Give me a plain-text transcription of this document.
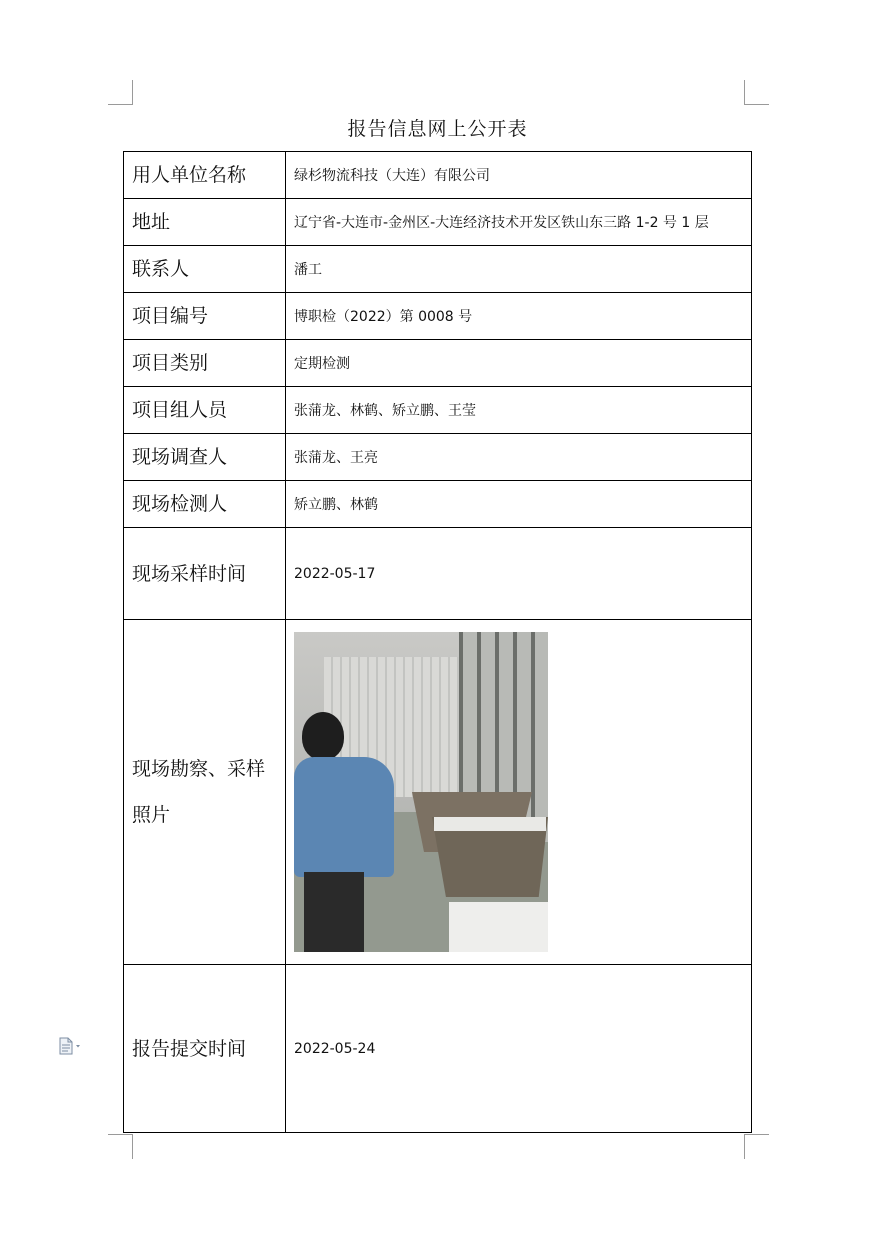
报告信息网上公开表
用人单位名称	绿杉物流科技（大连）有限公司
地址	辽宁省-大连市-金州区-大连经济技术开发区铁山东三路 1-2 号 1 层
联系人	潘工
项目编号	博职检（2022）第 0008 号
项目类别	定期检测
项目组人员	张蒲龙、林鹤、矫立鹏、王莹
现场调查人	张蒲龙、王亮
现场检测人	矫立鹏、林鹤
现场采样时间	2022-05-17
现场勘察、采样照片	

报告提交时间	2022-05-24
